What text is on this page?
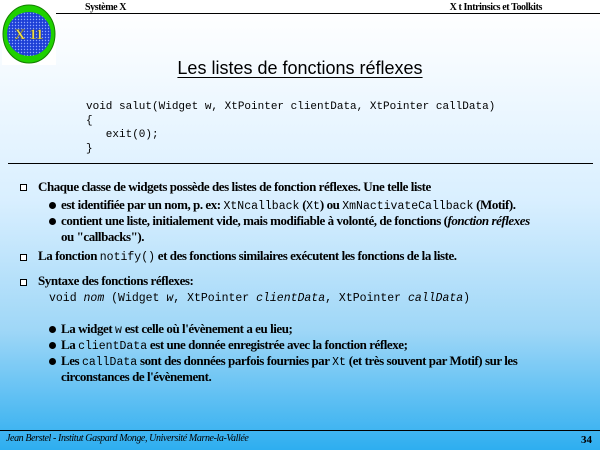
Système X	X t Intrinsics et Toolkits
X 11
Les listes de fonctions réflexes
void salut(Widget w, XtPointer clientData, XtPointer callData)
{
exit(0);
}
Chaque classe de widgets possède des listes de fonction réflexes. Une telle liste
est identifiée par un nom, p. ex: XtNcallback (Xt) ou XmNactivateCallback (Motif).
contient une liste, initialement vide, mais modifiable à volonté, de fonctions (fonction réflexes
ou "callbacks").
La fonction notify() et des fonctions similaires exécutent les fonctions de la liste.
Syntaxe des fonctions réflexes:
void nom (Widget w, XtPointer clientData, XtPointer callData)
La widget w est celle où l'évènement a eu lieu;
La clientData est une donnée enregistrée avec la fonction réflexe;
Les callData sont des données parfois fournies par Xt (et très souvent par Motif) sur les
circonstances de l'évènement.
Jean Berstel - Institut Gaspard Monge, Université Marne-la-Vallée	34
